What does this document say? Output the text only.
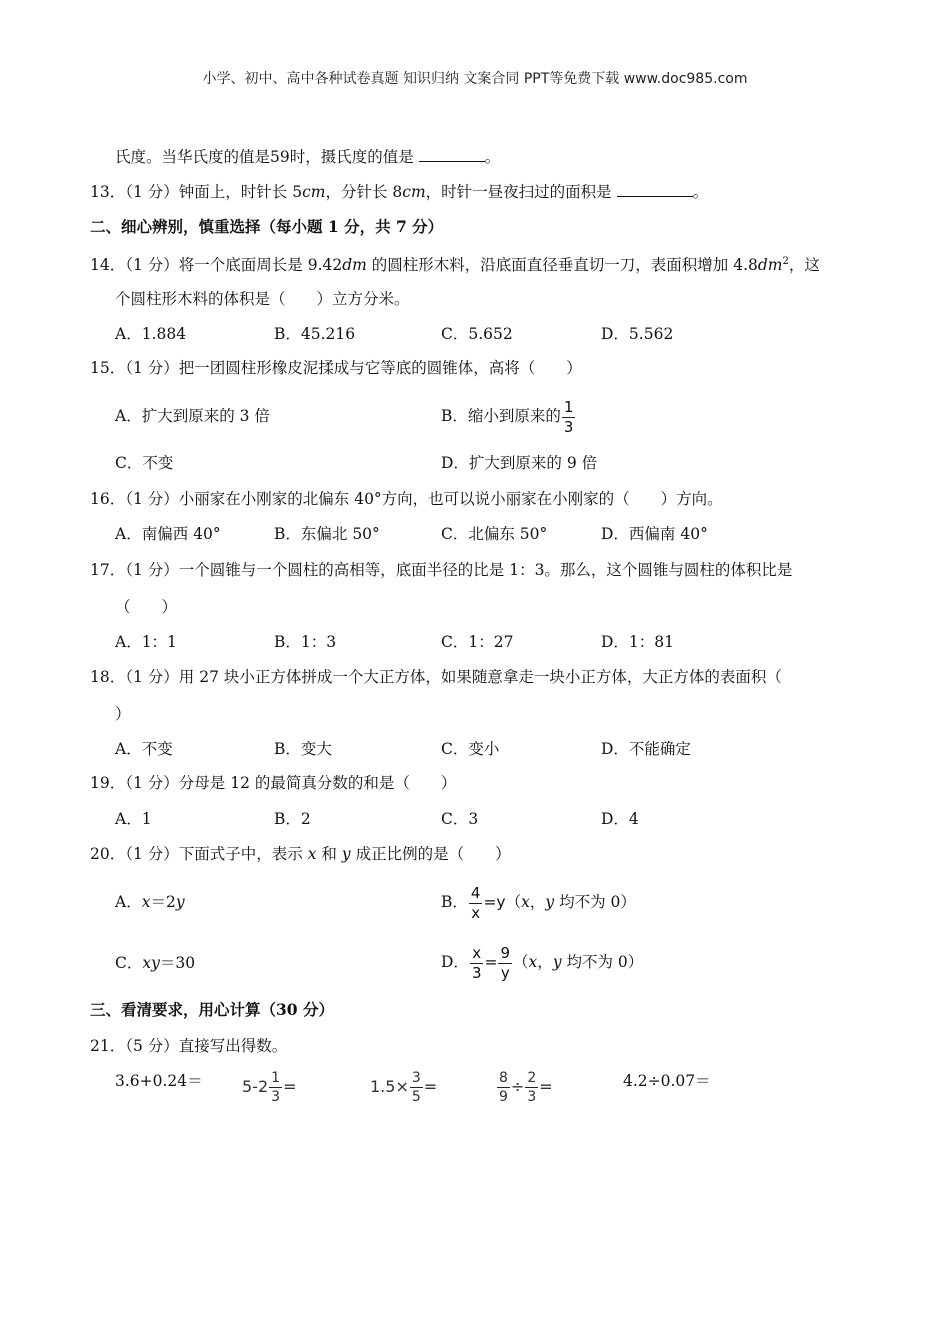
小学、初中、高中各种试卷真题 知识归纳 文案合同 PPT等免费下载 www.doc985.com
氏度。当华氏度的值是59时，摄氏度的值是	。
13．（1 分）钟面上，时针长 5cm，分针长 8cm，时针一昼夜扫过的面积是	。
二、细心辨别，慎重选择（每小题 1 分，共 7 分）
14．（1 分）将一个底面周长是 9.42dm 的圆柱形木料，沿底面直径垂直切一刀，表面积增加 $4.8dm^2$，这
个圆柱形木料的体积是（　　）立方分米。
A．1.884	B．45.216	C．5.652	D．5.562
15．（1 分）把一团圆柱形橡皮泥揉成与它等底的圆锥体，高将（　　）
A．扩大到原来的 3 倍	B．缩小到原来的 $\frac{1}{3}$
C．不变	D．扩大到原来的 9 倍
16．（1 分）小丽家在小刚家的北偏东 40°方向，也可以说小丽家在小刚家的（　　）方向。
A．南偏西 40°	B．东偏北 50°	C．北偏东 50°	D．西偏南 40°
17．（1 分）一个圆锥与一个圆柱的高相等，底面半径的比是 1：3。那么，这个圆锥与圆柱的体积比是
（　　）
A．1：1	B．1：3	C．1：27	D．1：81
18．（1 分）用 27 块小正方体拼成一个大正方体，如果随意拿走一块小正方体，大正方体的表面积（
）
A．不变	B．变大	C．变小	D．不能确定
19．（1 分）分母是 12 的最简真分数的和是（　　）
A．1	B．2	C．3	D．4
20．（1 分）下面式子中，表示 x 和 y 成正比例的是（　　）
A．x＝2y	B． $\frac{4}{x} =y(x$，y 均不为 0）
C．xy＝30	D． $\frac{x}{3} = \frac{9}{y} (x$，y 均不为 0）
三、看清要求，用心计算（30 分）
21．（5 分）直接写出得数。
$3.6+0.24= 5-2 \frac{1}{3}$ =	$1.5\times \frac{3}{5}$ =	$\frac{8}{9} \div \frac{2}{3}$ =	4.2÷0.07＝
